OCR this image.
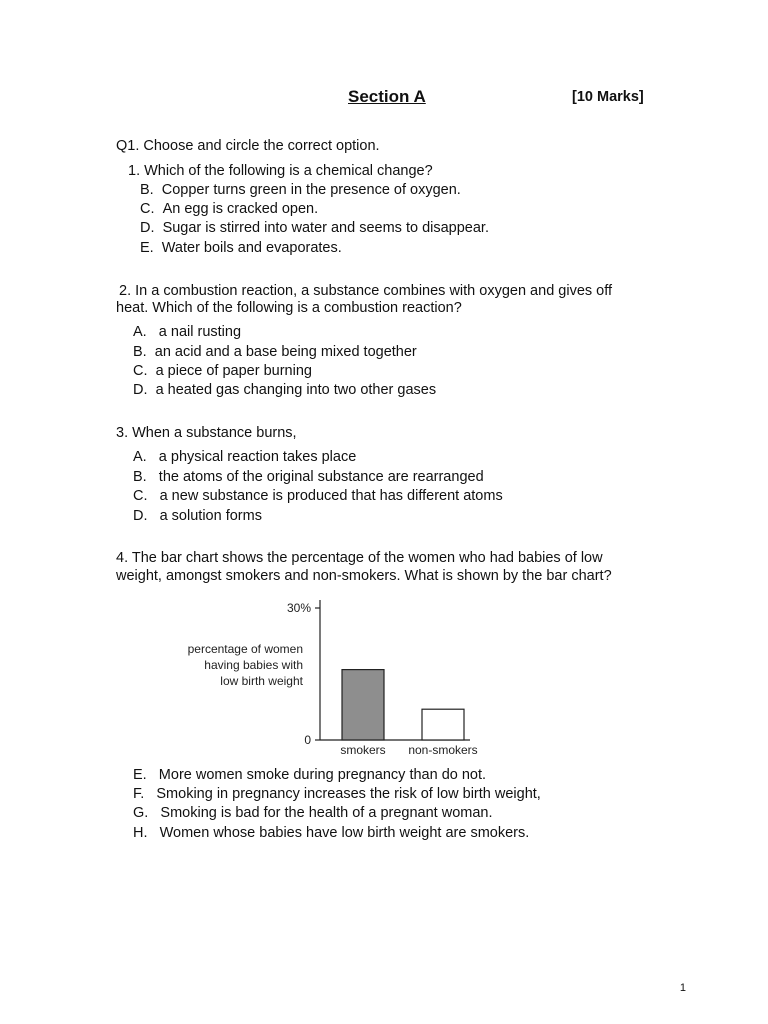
Section A	[10 Marks]
Q1. Choose and circle the correct option.
1. Which of the following is a chemical change?
B. Copper turns green in the presence of oxygen.
C. An egg is cracked open.
D. Sugar is stirred into water and seems to disappear.
E. Water boils and evaporates.
2. In a combustion reaction, a substance combines with oxygen and gives off
heat. Which of the following is a combustion reaction?
A.   a nail rusting
B. an acid and a base being mixed together
C. a piece of paper burning
D. a heated gas changing into two other gases
3. When a substance burns,
A. a physical reaction takes place
B. the atoms of the original substance are rearranged
C. a new substance is produced that has different atoms
D. a solution forms
4. The bar chart shows the percentage of the women who had babies of low
weight, amongst smokers and non-smokers. What is shown by the bar chart?
0
30%
percentage of women
having babies with
low birth weight
smokers non-smokers
E. More women smoke during pregnancy than do not.
F. Smoking in pregnancy increases the risk of low birth weight,
G. Smoking is bad for the health of a pregnant woman.
H. Women whose babies have low birth weight are smokers.
1
